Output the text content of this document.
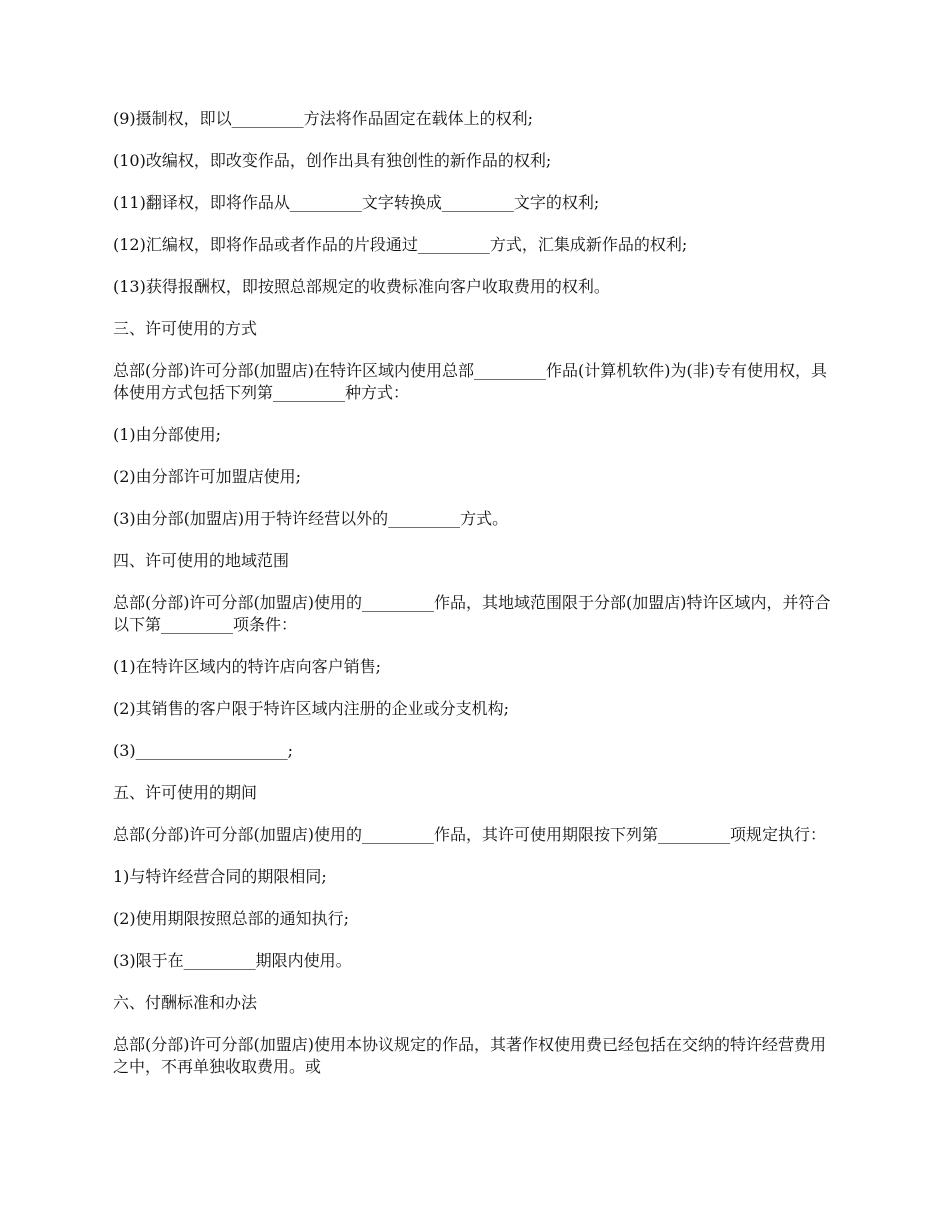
(9)摄制权，即以_________方法将作品固定在载体上的权利;

(10)改编权，即改变作品，创作出具有独创性的新作品的权利;

(11)翻译权，即将作品从_________文字转换成_________文字的权利;

(12)汇编权，即将作品或者作品的片段通过_________方式，汇集成新作品的权利;

(13)获得报酬权，即按照总部规定的收费标准向客户收取费用的权利。

三、许可使用的方式

总部(分部)许可分部(加盟店)在特许区域内使用总部_________作品(计算机软件)为(非)专有使用权，具体使用方式包括下列第_________种方式：

(1)由分部使用;

(2)由分部许可加盟店使用;

(3)由分部(加盟店)用于特许经营以外的_________方式。

四、许可使用的地域范围

总部(分部)许可分部(加盟店)使用的_________作品，其地域范围限于分部(加盟店)特许区域内，并符合以下第_________项条件：

(1)在特许区域内的特许店向客户销售;

(2)其销售的客户限于特许区域内注册的企业或分支机构;

(3)___________________;

五、许可使用的期间

总部(分部)许可分部(加盟店)使用的_________作品，其许可使用期限按下列第_________项规定执行：

1)与特许经营合同的期限相同;

(2)使用期限按照总部的通知执行;

(3)限于在_________期限内使用。

六、付酬标准和办法

总部(分部)许可分部(加盟店)使用本协议规定的作品，其著作权使用费已经包括在交纳的特许经营费用之中，不再单独收取费用。或
